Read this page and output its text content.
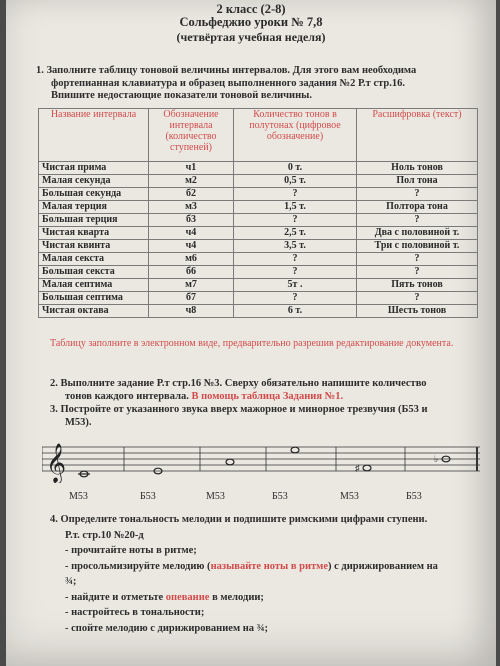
2 класс (2-8)
Сольфеджио уроки № 7,8
(четвёртая учебная неделя)
1. Заполните таблицу тоновой величины интервалов. Для этого вам необходима
фортепианная клавиатура и образец выполненного задания №2 Р.т стр.16.
Впишите недостающие показатели тоновой величины.
Название интервала	Обозначение интервала (количество ступеней)	Количество тонов в полутонах (цифровое обозначение)	Расшифровка (текст)
Чистая прима	ч1	0 т.	Ноль тонов
Малая секунда	м2	0,5 т.	Пол тона
Большая секунда	б2	?	?
Малая терция	м3	1,5 т.	Полтора тона
Большая терция	б3	?	?
Чистая кварта	ч4	2,5 т.	Два с половиной т.
Чистая квинта	ч4	3,5 т.	Три с половиной т.
Малая секста	м6	?	?
Большая секста	б6	?	?
Малая септима	м7	5т .	Пять тонов
Большая септима	б7	?	?
Чистая октава	ч8	6 т.	Шесть тонов
Таблицу заполните в электронном виде, предварительно разрешив редактирование документа.
2. Выполните задание Р.т стр.16 №3. Сверху обязательно напишите количество
тонов каждого интервала. В помощь таблица Задания №1.
3. Постройте от указанного звука вверх мажорное и минорное трезвучия (Б53 и
М53).
𝄞	♯
♭
М53	Б53	М53	Б53	М53	Б53
4. Определите тональность мелодии и подпишите римскими цифрами ступени.
Р.т. стр.10 №20-д
- прочитайте ноты в ритме;
- просольмизируйте мелодию (называйте ноты в ритме) с дирижированием на
¾;
- найдите и отметьте опевание в мелодии;
- настройтесь в тональности;
- спойте мелодию с дирижированием на ¾;
